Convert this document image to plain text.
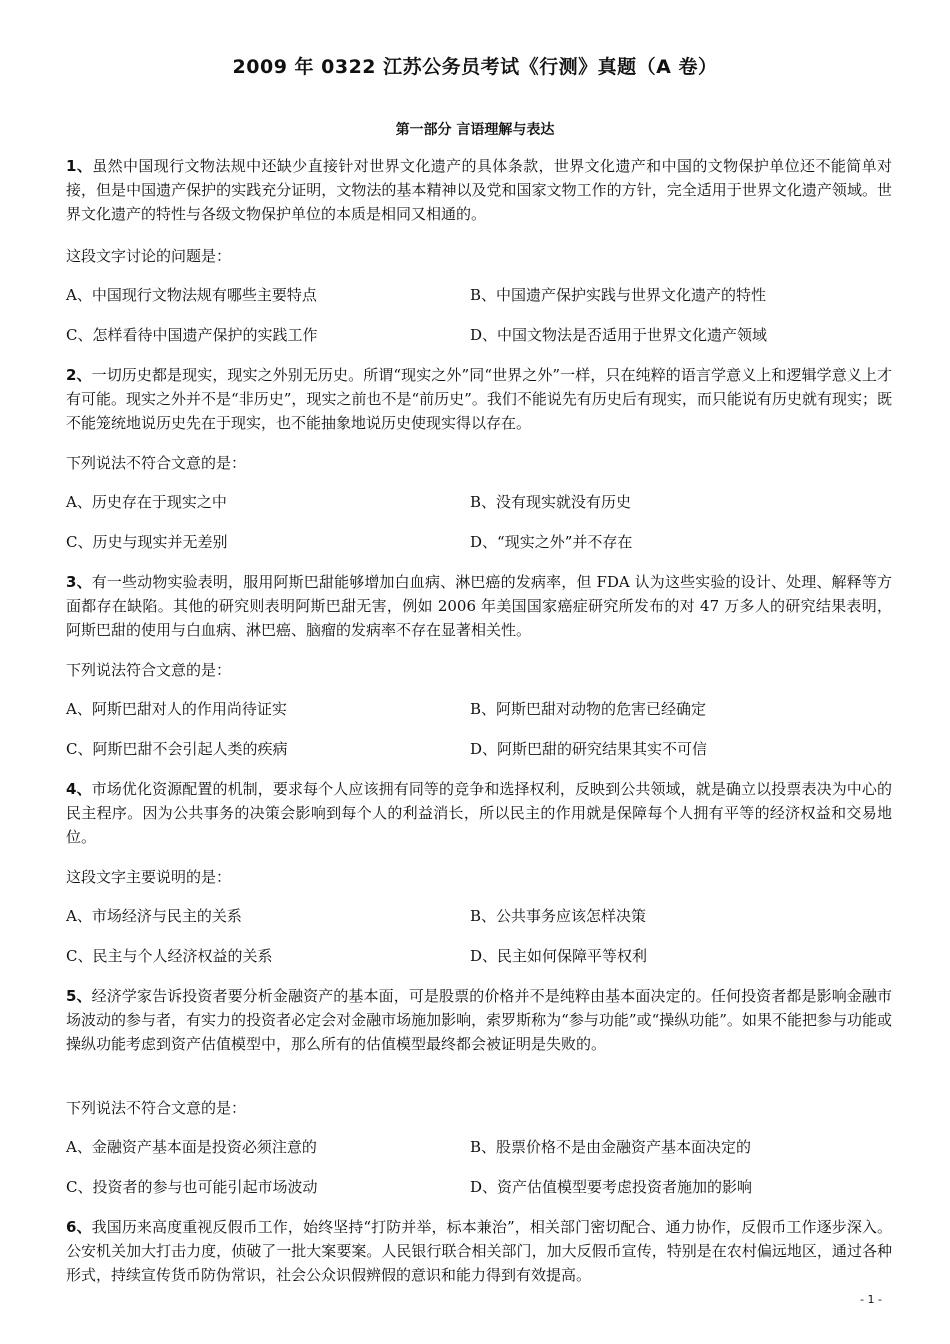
2009 年 0322 江苏公务员考试《行测》真题（A 卷）
第一部分 言语理解与表达
1、虽然中国现行文物法规中还缺少直接针对世界文化遗产的具体条款，世界文化遗产和中国的文物保护单位还不能简单对接，但是中国遗产保护的实践充分证明，文物法的基本精神以及党和国家文物工作的方针，完全适用于世界文化遗产领域。世界文化遗产的特性与各级文物保护单位的本质是相同又相通的。
这段文字讨论的问题是：
A、中国现行文物法规有哪些主要特点	B、中国遗产保护实践与世界文化遗产的特性
C、怎样看待中国遗产保护的实践工作	D、中国文物法是否适用于世界文化遗产领域
2、一切历史都是现实，现实之外别无历史。所谓“现实之外”同“世界之外”一样，只在纯粹的语言学意义上和逻辑学意义上才有可能。现实之外并不是“非历史”，现实之前也不是“前历史”。我们不能说先有历史后有现实，而只能说有历史就有现实；既不能笼统地说历史先在于现实，也不能抽象地说历史使现实得以存在。
下列说法不符合文意的是：
A、历史存在于现实之中	B、没有现实就没有历史
C、历史与现实并无差别	D、“现实之外”并不存在
3、有一些动物实验表明，服用阿斯巴甜能够增加白血病、淋巴癌的发病率，但 FDA 认为这些实验的设计、处理、解释等方面都存在缺陷。其他的研究则表明阿斯巴甜无害，例如 2006 年美国国家癌症研究所发布的对 47 万多人的研究结果表明，阿斯巴甜的使用与白血病、淋巴癌、脑瘤的发病率不存在显著相关性。
下列说法符合文意的是：
A、阿斯巴甜对人的作用尚待证实	B、阿斯巴甜对动物的危害已经确定
C、阿斯巴甜不会引起人类的疾病	D、阿斯巴甜的研究结果其实不可信
4、市场优化资源配置的机制，要求每个人应该拥有同等的竞争和选择权利，反映到公共领域，就是确立以投票表决为中心的民主程序。因为公共事务的决策会影响到每个人的利益消长，所以民主的作用就是保障每个人拥有平等的经济权益和交易地位。
这段文字主要说明的是：
A、市场经济与民主的关系	B、公共事务应该怎样决策
C、民主与个人经济权益的关系	D、民主如何保障平等权利
5、经济学家告诉投资者要分析金融资产的基本面，可是股票的价格并不是纯粹由基本面决定的。任何投资者都是影响金融市场波动的参与者，有实力的投资者必定会对金融市场施加影响，索罗斯称为“参与功能”或“操纵功能”。如果不能把参与功能或操纵功能考虑到资产估值模型中，那么所有的估值模型最终都会被证明是失败的。
下列说法不符合文意的是：
A、金融资产基本面是投资必须注意的	B、股票价格不是由金融资产基本面决定的
C、投资者的参与也可能引起市场波动	D、资产估值模型要考虑投资者施加的影响
6、我国历来高度重视反假币工作，始终坚持“打防并举，标本兼治”，相关部门密切配合、通力协作，反假币工作逐步深入。公安机关加大打击力度，侦破了一批大案要案。人民银行联合相关部门，加大反假币宣传，特别是在农村偏远地区，通过各种形式，持续宣传货币防伪常识，社会公众识假辨假的意识和能力得到有效提高。
- 1 -
